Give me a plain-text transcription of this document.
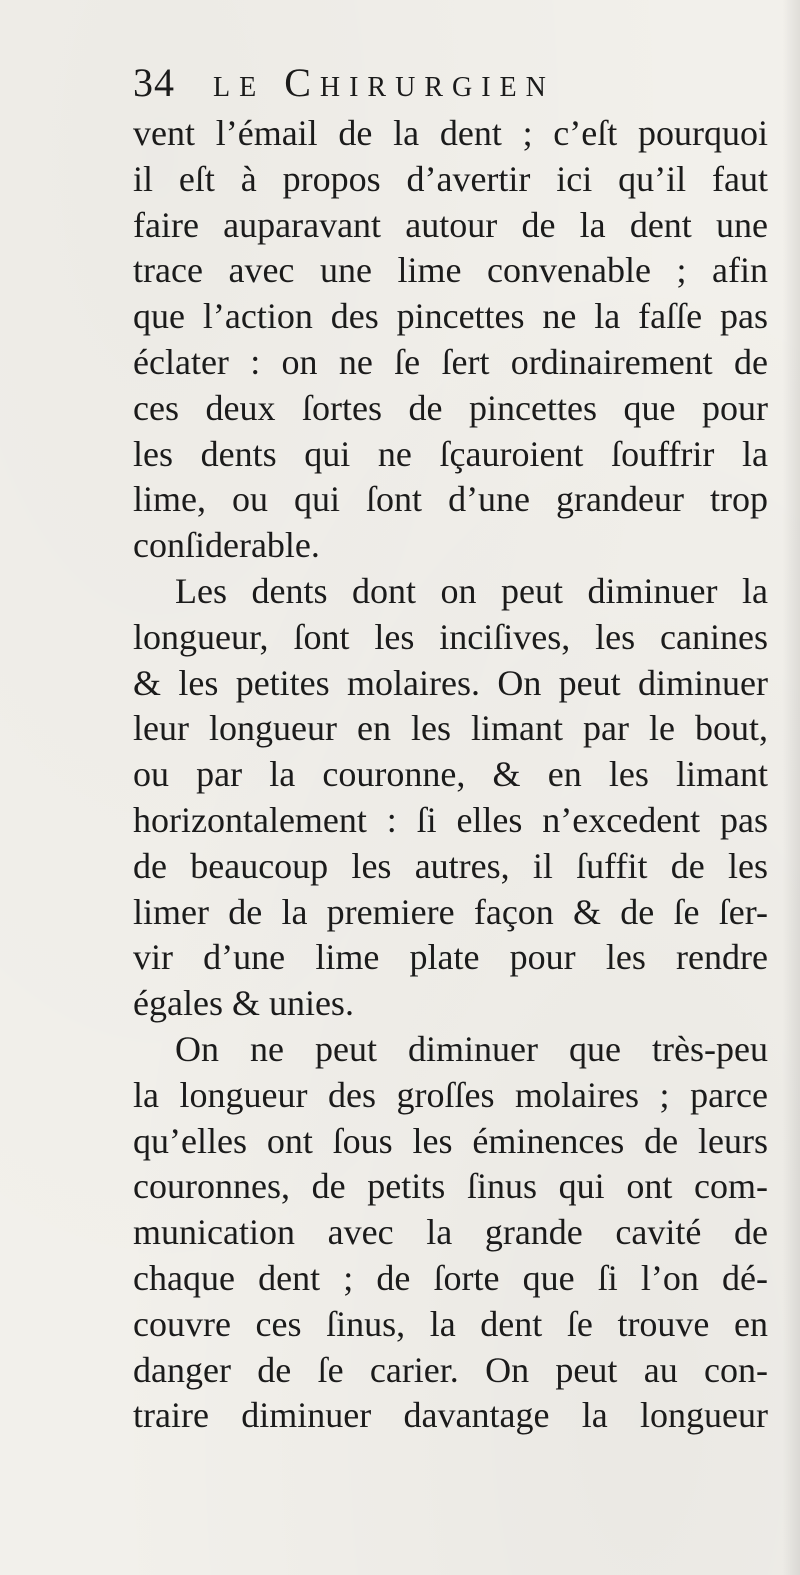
34 le Chirurgien
vent l’émail de la dent ; c’eſt pourquoi
il eſt à propos d’avertir ici qu’il faut
faire auparavant autour de la dent une
trace avec une lime convenable ; afin
que l’action des pincettes ne la faſſe pas
éclater : on ne ſe ſert ordinairement de
ces deux ſortes de pincettes que pour
les dents qui ne ſçauroient ſouffrir la
lime, ou qui ſont d’une grandeur trop
conſiderable.
Les dents dont on peut diminuer la
longueur, ſont les inciſives, les canines
& les petites molaires. On peut diminuer
leur longueur en les limant par le bout,
ou par la couronne, & en les limant
horizontalement : ſi elles n’excedent pas
de beaucoup les autres, il ſuffit de les
limer de la premiere façon & de ſe ſer-
vir d’une lime plate pour les rendre
égales & unies.
On ne peut diminuer que très-peu
la longueur des groſſes molaires ; parce
qu’elles ont ſous les éminences de leurs
couronnes, de petits ſinus qui ont com-
munication avec la grande cavité de
chaque dent ; de ſorte que ſi l’on dé-
couvre ces ſinus, la dent ſe trouve en
danger de ſe carier. On peut au con-
traire diminuer davantage la longueur
